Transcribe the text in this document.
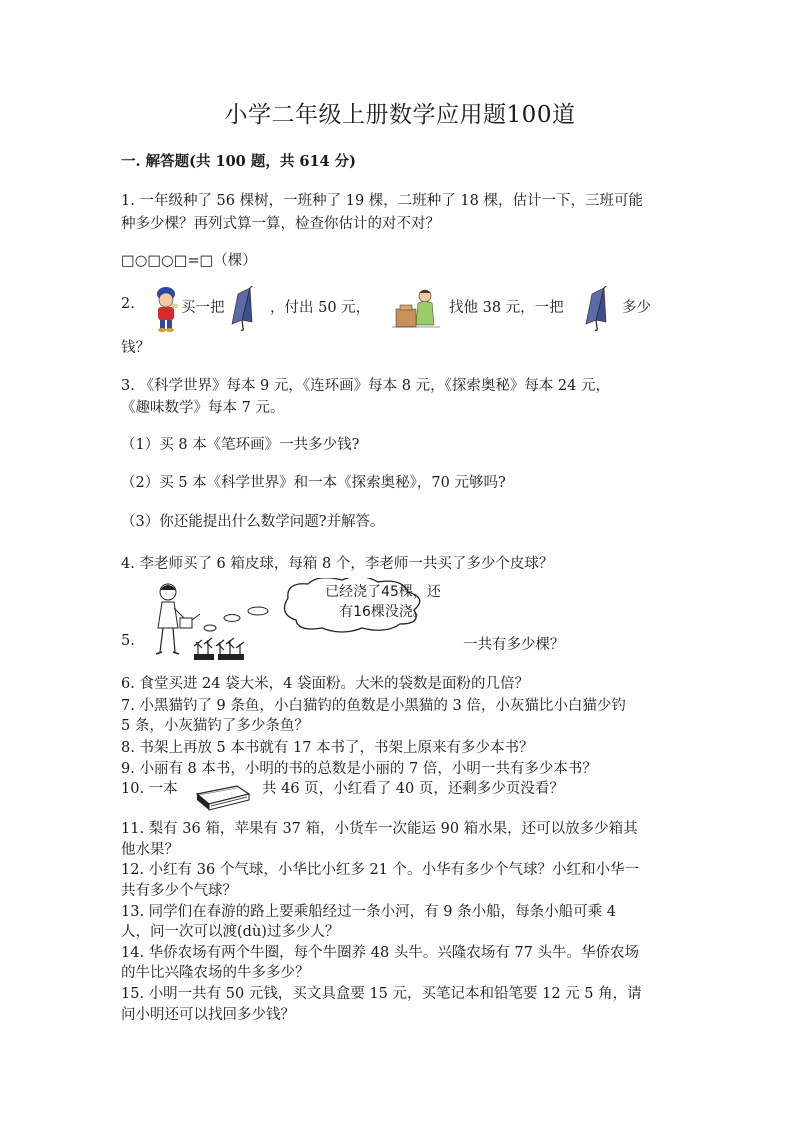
小学二年级上册数学应用题100道
一. 解答题(共 100 题，共 614 分)
1. 一年级种了 56 棵树，一班种了 19 棵，二班种了 18 棵，估计一下，三班可能
种多少棵？再列式算一算，检查你估计的对不对？
□○□○□=□（棵）
2.	买一把	，付出 50 元，	找他 38 元，一把	多少
钱？
3. 《科学世界》每本 9 元，《连环画》每本 8 元，《探索奥秘》每本 24 元，
《趣味数学》每本 7 元。
（1）买 8 本《笔环画》一共多少钱?
（2）买 5 本《科学世界》和一本《探索奥秘》，70 元够吗?
（3）你还能提出什么数学问题?并解答。
4. 李老师买了 6 箱皮球，每箱 8 个，李老师一共买了多少个皮球？
5.
已经浇了45棵，还
有16棵没浇。
一共有多少棵？
6. 食堂买进 24 袋大米，4 袋面粉。大米的袋数是面粉的几倍？
7. 小黑猫钓了 9 条鱼，小白猫钓的鱼数是小黑猫的 3 倍，小灰猫比小白猫少钓
5 条，小灰猫钓了多少条鱼？
8. 书架上再放 5 本书就有 17 本书了，书架上原来有多少本书？
9. 小丽有 8 本书，小明的书的总数是小丽的 7 倍，小明一共有多少本书？
10. 一本	共 46 页，小红看了 40 页，还剩多少页没看？
11. 梨有 36 箱，苹果有 37 箱，小货车一次能运 90 箱水果，还可以放多少箱其
他水果？
12. 小红有 36 个气球，小华比小红多 21 个。小华有多少个气球？小红和小华一
共有多少个气球？
13. 同学们在春游的路上要乘船经过一条小河，有 9 条小船，每条小船可乘 4
人，问一次可以渡(dù)过多少人？
14. 华侨农场有两个牛圈，每个牛圈养 48 头牛。兴隆农场有 77 头牛。华侨农场
的牛比兴隆农场的牛多多少？
15. 小明一共有 50 元钱，买文具盒要 15 元，买笔记本和铅笔要 12 元 5 角，请
问小明还可以找回多少钱？
